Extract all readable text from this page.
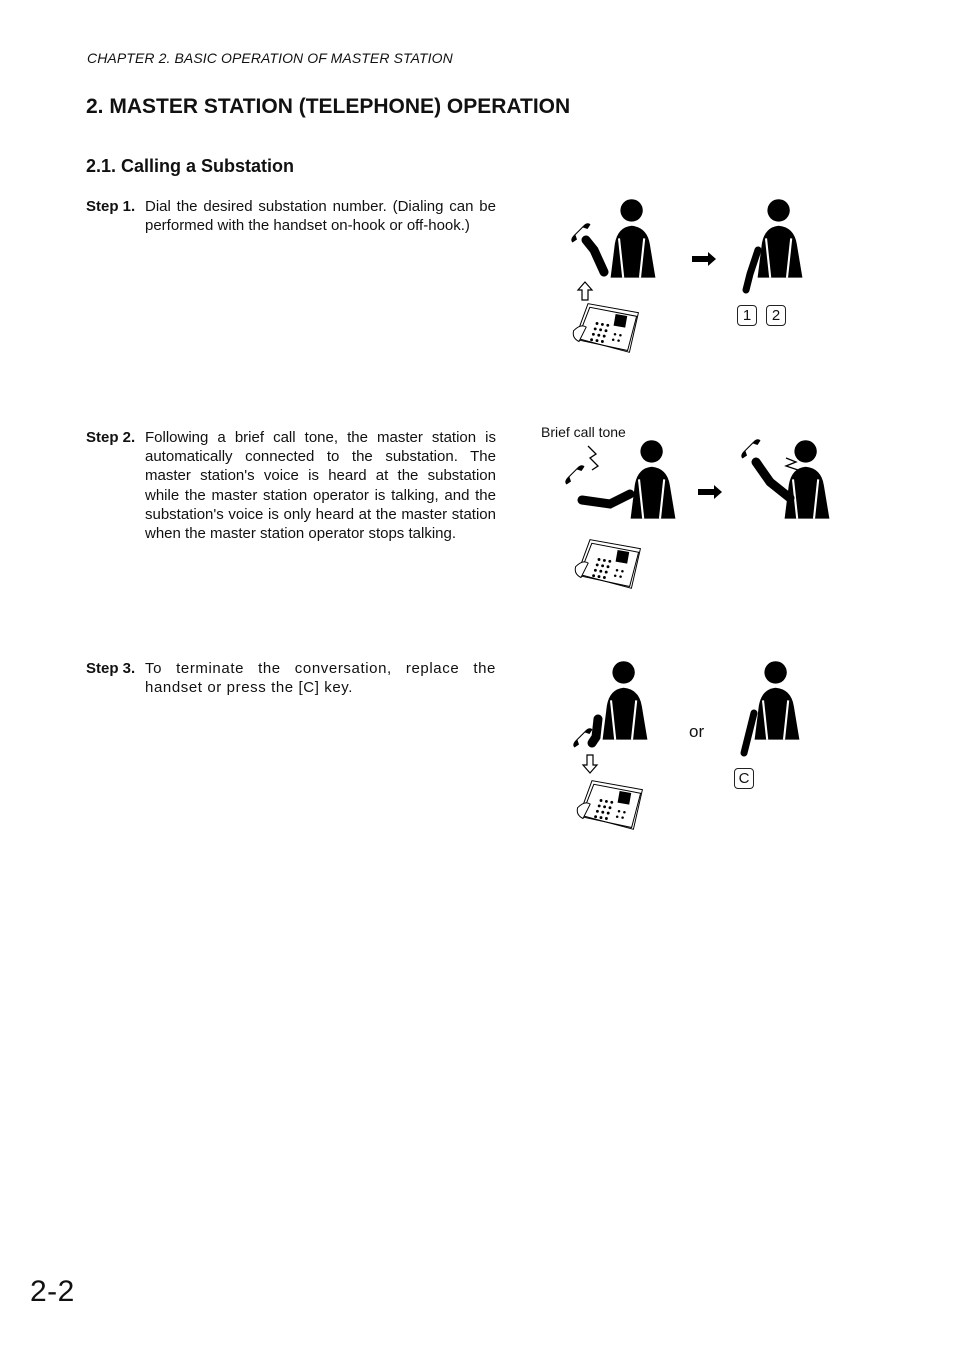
CHAPTER 2. BASIC OPERATION OF MASTER STATION
2. MASTER STATION (TELEPHONE) OPERATION
2.1. Calling a Substation
Step 1. Dial the desired substation number. (Dialing can be performed with the handset on-hook or off-hook.)
1	2
Step 2. Following a brief call tone, the master station is automatically connected to the substation. The master station's voice is heard at the substation while the master station operator is talking, and the substation's voice is only heard at the master station when the master station operator stops talking.
Brief call tone
Step 3. To terminate the conversation, replace the handset or press the [C] key.
or
C
2-2
